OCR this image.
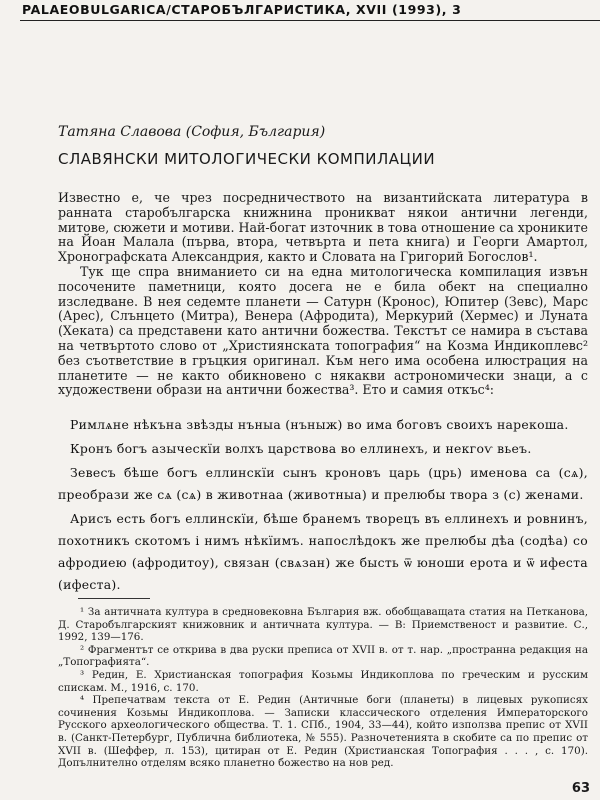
PALAEOBULGARICA/СТАРОБЪЛГАРИСТИКА, XVII (1993), 3
Татяна Славова (София, България)
СЛАВЯНСКИ МИТОЛОГИЧЕСКИ КОМПИЛАЦИИ

Известно е, че чрез посредничеството на византийската литература в ранната старобългарска книжнина проникват някои антични легенди, митове, сюжети и мотиви. Най-богат източник в това отношение са хрониките на Йоан Малала (първа, втора, четвърта и пета книга) и Георги Амартол, Хронографската Александрия, както и Словата на Григорий Богослов¹.

Тук ще спра вниманието си на една митологическа компилация извън посочените паметници, която досега не е била обект на специално изследване. В нея седемте планети — Сатурн (Кронос), Юпитер (Зевс), Марс (Арес), Слънцето (Митра), Венера (Афродита), Меркурий (Хермес) и Луната (Хеката) са представени като антични божества. Текстът се намира в състава на четвъртото слово от „Християнската топография“ на Козма Индикоплевс² без съответствие в гръцкия оригинал. Към него има особена илюстрация на планетите — не както обикновено с някакви астрономически знаци, а с художествени образи на антични божества³. Ето и самия откъс⁴:

Римлѧне нѣкъна звѣзды нъныа (нъныж) во има боговъ своихъ нарекоша.

Кронъ богъ азыческїи волхъ царствова во еллинехъ, и некгоѵ вьеъ.

Зевесъ бѣше богъ еллинскїи сынъ кроновъ царь (црь) именова са (сѧ), преобрази же сѧ (сѧ) в животнаа (животныа) и прелюбы твора з (с) женами.

Арисъ есть богъ еллинскїи, бѣше бранемъ творецъ въ еллинехъ и ровнинъ, похотникъ скотомъ і нимъ нѣкїимъ. напослѣдокъ же прелюбы дѣа (содѣа) со афродиею (афродитоу), связан (свѧзан) же бысть ѿ юноши ерота и ѿ ифеста (ифеста).

¹ За античната култура в средновековна България вж. обобщаващата статия на Петканова, Д. Старобългарският книжовник и античната култура. — В: Приемственост и развитие. С., 1992, 139—176.

² Фрагментът се открива в два руски преписа от XVII в. от т. нар. „пространна редакция на „Топографията“.

³ Редин, Е. Христианская топография Козьмы Индикоплова по греческим и русским спискам. М., 1916, с. 170.

⁴ Препечатвам текста от Е. Редин (Античные боги (планеты) в лицевых рукописях сочинения Козьмы Индикоплова. — Записки классического отделения Императорского Русского археологического общества. Т. 1. СПб., 1904, 33—44), който използва препис от XVII в. (Санкт-Петербург, Публична библиотека, № 555). Разночетенията в скобите са по препис от XVII в. (Шеффер, л. 153), цитиран от Е. Редин (Христианская Топография . . . , с. 170). Допълнително отделям всяко планетно божество на нов ред.

63
